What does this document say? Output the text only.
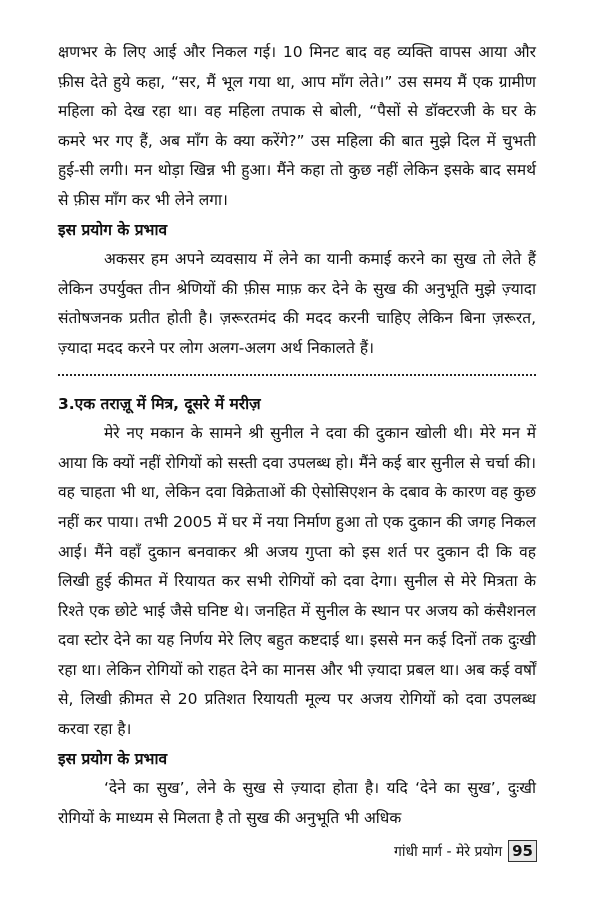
क्षणभर के लिए आई और निकल गई। 10 मिनट बाद वह व्यक्ति वापस आया और फ़ीस देते हुये कहा, “सर, मैं भूल गया था, आप माँग लेते।” उस समय मैं एक ग्रामीण महिला को देख रहा था। वह महिला तपाक से बोली, “पैसों से डॉक्टरजी के घर के कमरे भर गए हैं, अब माँग के क्या करेंगे?” उस महिला की बात मुझे दिल में चुभती हुई-सी लगी। मन थोड़ा खिन्न भी हुआ। मैंने कहा तो कुछ नहीं लेकिन इसके बाद समर्थ से फ़ीस माँग कर भी लेने लगा।

इस प्रयोग के प्रभाव

अकसर हम अपने व्यवसाय में लेने का यानी कमाई करने का सुख तो लेते हैं लेकिन उपर्युक्त तीन श्रेणियों की फ़ीस माफ़ कर देने के सुख की अनुभूति मुझे ज़्यादा संतोषजनक प्रतीत होती है। ज़रूरतमंद की मदद करनी चाहिए लेकिन बिना ज़रूरत, ज़्यादा मदद करने पर लोग अलग-अलग अर्थ निकालते हैं।

3.एक तराज़ू में मित्र, दूसरे में मरीज़

मेरे नए मकान के सामने श्री सुनील ने दवा की दुकान खोली थी। मेरे मन में आया कि क्यों नहीं रोगियों को सस्ती दवा उपलब्ध हो। मैंने कई बार सुनील से चर्चा की। वह चाहता भी था, लेकिन दवा विक्रेताओं की ऐसोसिएशन के दबाव के कारण वह कुछ नहीं कर पाया। तभी 2005 में घर में नया निर्माण हुआ तो एक दुकान की जगह निकल आई। मैंने वहाँ दुकान बनवाकर श्री अजय गुप्ता को इस शर्त पर दुकान दी कि वह लिखी हुई कीमत में रियायत कर सभी रोगियों को दवा देगा। सुनील से मेरे मित्रता के रिश्ते एक छोटे भाई जैसे घनिष्ट थे। जनहित में सुनील के स्थान पर अजय को कंसैशनल दवा स्टोर देने का यह निर्णय मेरे लिए बहुत कष्टदाई था। इससे मन कई दिनों तक दुःखी रहा था। लेकिन रोगियों को राहत देने का मानस और भी ज़्यादा प्रबल था। अब कई वर्षों से, लिखी क़ीमत से 20 प्रतिशत रियायती मूल्य पर अजय रोगियों को दवा उपलब्ध करवा रहा है।

इस प्रयोग के प्रभाव

‘देने का सुख’, लेने के सुख से ज़्यादा होता है। यदि ‘देने का सुख’, दुःखी रोगियों के माध्यम से मिलता है तो सुख की अनुभूति भी अधिक

गांधी मार्ग - मेरे प्रयोग 95
